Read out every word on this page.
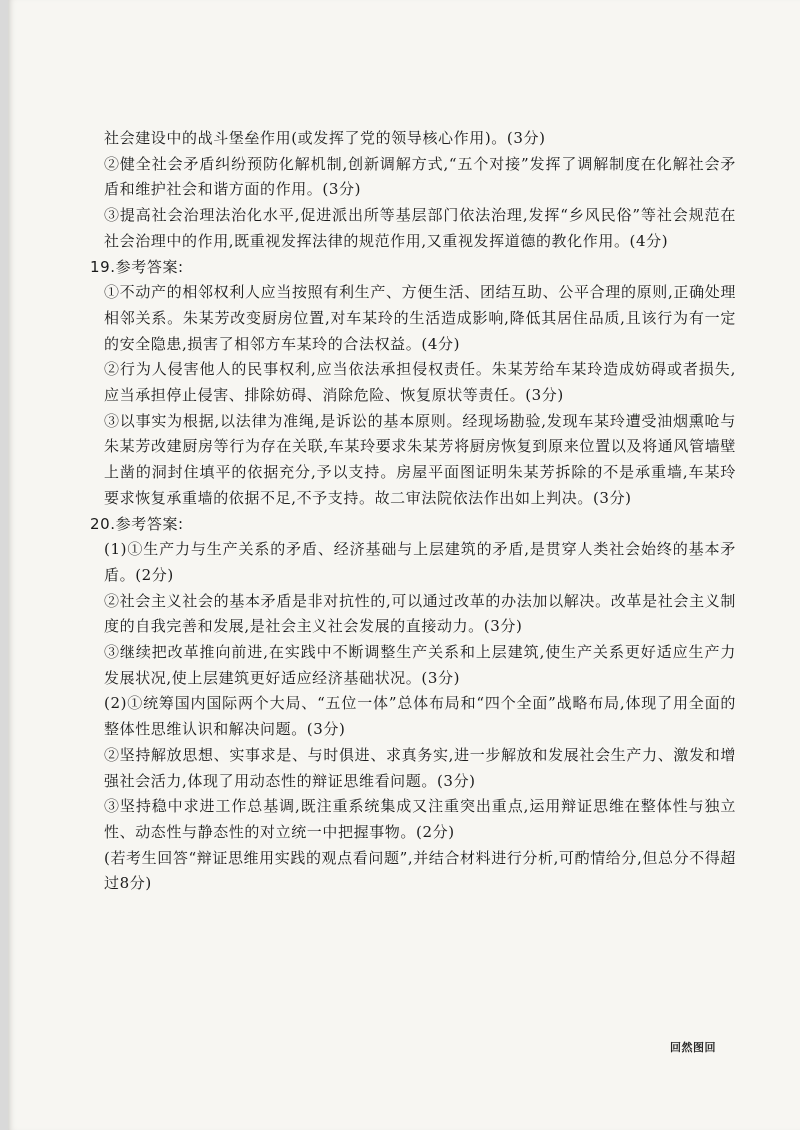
社会建设中的战斗堡垒作用(或发挥了党的领导核心作用)。(3分)

②健全社会矛盾纠纷预防化解机制,创新调解方式,“五个对接”发挥了调解制度在化解社会矛盾和维护社会和谐方面的作用。(3分)

③提高社会治理法治化水平,促进派出所等基层部门依法治理,发挥“乡风民俗”等社会规范在社会治理中的作用,既重视发挥法律的规范作用,又重视发挥道德的教化作用。(4分)

19.参考答案:

①不动产的相邻权利人应当按照有利生产、方便生活、团结互助、公平合理的原则,正确处理相邻关系。朱某芳改变厨房位置,对车某玲的生活造成影响,降低其居住品质,且该行为有一定的安全隐患,损害了相邻方车某玲的合法权益。(4分)

②行为人侵害他人的民事权利,应当依法承担侵权责任。朱某芳给车某玲造成妨碍或者损失,应当承担停止侵害、排除妨碍、消除危险、恢复原状等责任。(3分)

③以事实为根据,以法律为准绳,是诉讼的基本原则。经现场勘验,发现车某玲遭受油烟熏呛与朱某芳改建厨房等行为存在关联,车某玲要求朱某芳将厨房恢复到原来位置以及将通风管墙壁上凿的洞封住填平的依据充分,予以支持。房屋平面图证明朱某芳拆除的不是承重墙,车某玲要求恢复承重墙的依据不足,不予支持。故二审法院依法作出如上判决。(3分)

20.参考答案:

(1)①生产力与生产关系的矛盾、经济基础与上层建筑的矛盾,是贯穿人类社会始终的基本矛盾。(2分)

②社会主义社会的基本矛盾是非对抗性的,可以通过改革的办法加以解决。改革是社会主义制度的自我完善和发展,是社会主义社会发展的直接动力。(3分)

③继续把改革推向前进,在实践中不断调整生产关系和上层建筑,使生产关系更好适应生产力发展状况,使上层建筑更好适应经济基础状况。(3分)

(2)①统筹国内国际两个大局、“五位一体”总体布局和“四个全面”战略布局,体现了用全面的整体性思维认识和解决问题。(3分)

②坚持解放思想、实事求是、与时俱进、求真务实,进一步解放和发展社会生产力、激发和增强社会活力,体现了用动态性的辩证思维看问题。(3分)

③坚持稳中求进工作总基调,既注重系统集成又注重突出重点,运用辩证思维在整体性与独立性、动态性与静态性的对立统一中把握事物。(2分)

(若考生回答“辩证思维用实践的观点看问题”,并结合材料进行分析,可酌情给分,但总分不得超过8分)

回然图回
